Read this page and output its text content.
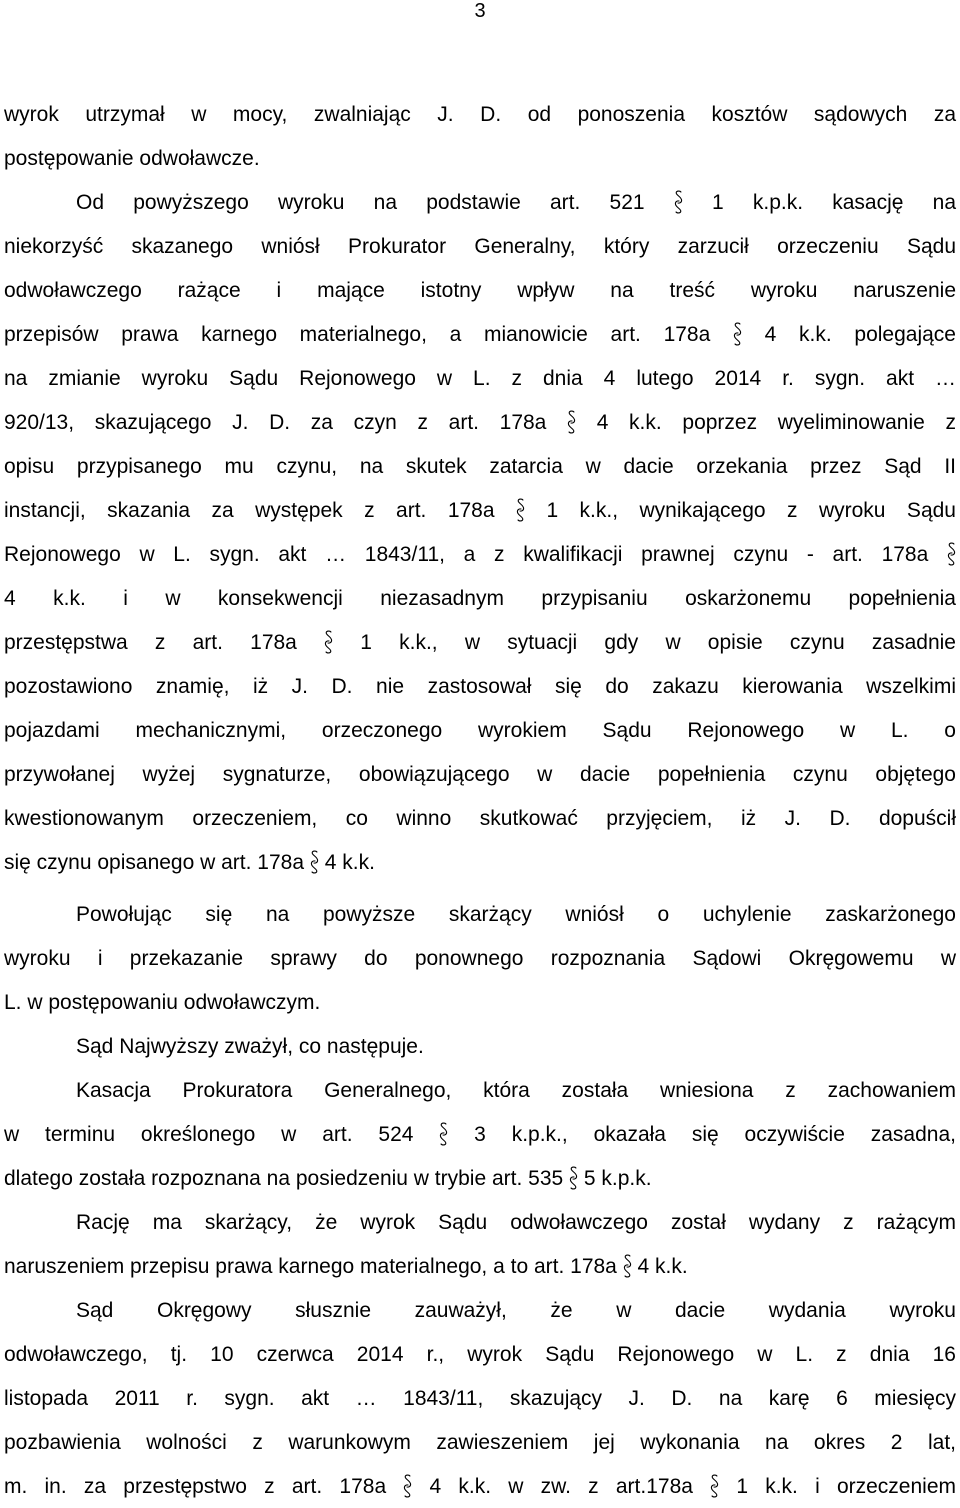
3
wyrok utrzymał w mocy, zwalniając J. D. od ponoszenia kosztów sądowych za
postępowanie odwoławcze.
Od powyższego wyroku na podstawie art. 521	1 k.p.k. kasację na
niekorzyść skazanego wniósł Prokurator Generalny, który zarzucił orzeczeniu Sądu
odwoławczego rażące i mające istotny wpływ na treść wyroku naruszenie
przepisów prawa karnego materialnego, a mianowicie art. 178a	4 k.k. polegające
na zmianie wyroku Sądu Rejonowego w L. z dnia 4 lutego 2014 r. sygn. akt …
920/13, skazującego J. D. za czyn z art. 178a 4 k.k. poprzez wyeliminowanie z
opisu przypisanego mu czynu, na skutek zatarcia w dacie orzekania przez Sąd II
instancji, skazania za występek z art. 178a 1 k.k., wynikającego z wyroku Sądu
Rejonowego w L. sygn. akt … 1843/11, a z kwalifikacji prawnej czynu - art. 178a
4 k.k. i w konsekwencji niezasadnym przypisaniu oskarżonemu popełnienia
przestępstwa z art. 178a	1 k.k., w sytuacji gdy w opisie czynu zasadnie
pozostawiono znamię, iż J. D. nie zastosował się do zakazu kierowania wszelkimi
pojazdami mechanicznymi, orzeczonego wyrokiem Sądu Rejonowego w L. o
przywołanej wyżej sygnaturze, obowiązującego w dacie popełnienia czynu objętego
kwestionowanym orzeczeniem, co winno skutkować przyjęciem, iż J. D. dopuścił
się czynu opisanego w art. 178a 4 k.k.
Powołując się na powyższe skarżący wniósł o uchylenie zaskarżonego
wyroku i przekazanie sprawy do ponownego rozpoznania Sądowi Okręgowemu w
L. w postępowaniu odwoławczym.
Sąd Najwyższy zważył, co następuje.
Kasacja Prokuratora Generalnego, która została wniesiona z zachowaniem
w terminu określonego w art. 524	3 k.p.k., okazała się oczywiście zasadna,
dlatego została rozpoznana na posiedzeniu w trybie art. 535 5 k.p.k.
Rację ma skarżący, że wyrok Sądu odwoławczego został wydany z rażącym
naruszeniem przepisu prawa karnego materialnego, a to art. 178a 4 k.k.
Sąd Okręgowy słusznie zauważył, że w dacie wydania wyroku
odwoławczego, tj. 10 czerwca 2014 r., wyrok Sądu Rejonowego w L. z dnia 16
listopada 2011 r. sygn. akt … 1843/11, skazujący J. D. na karę 6 miesięcy
pozbawienia wolności z warunkowym zawieszeniem jej wykonania na okres 2 lat,
m. in. za przestępstwo z art. 178a 4 k.k. w zw. z art.178a 1 k.k. i orzeczeniem
